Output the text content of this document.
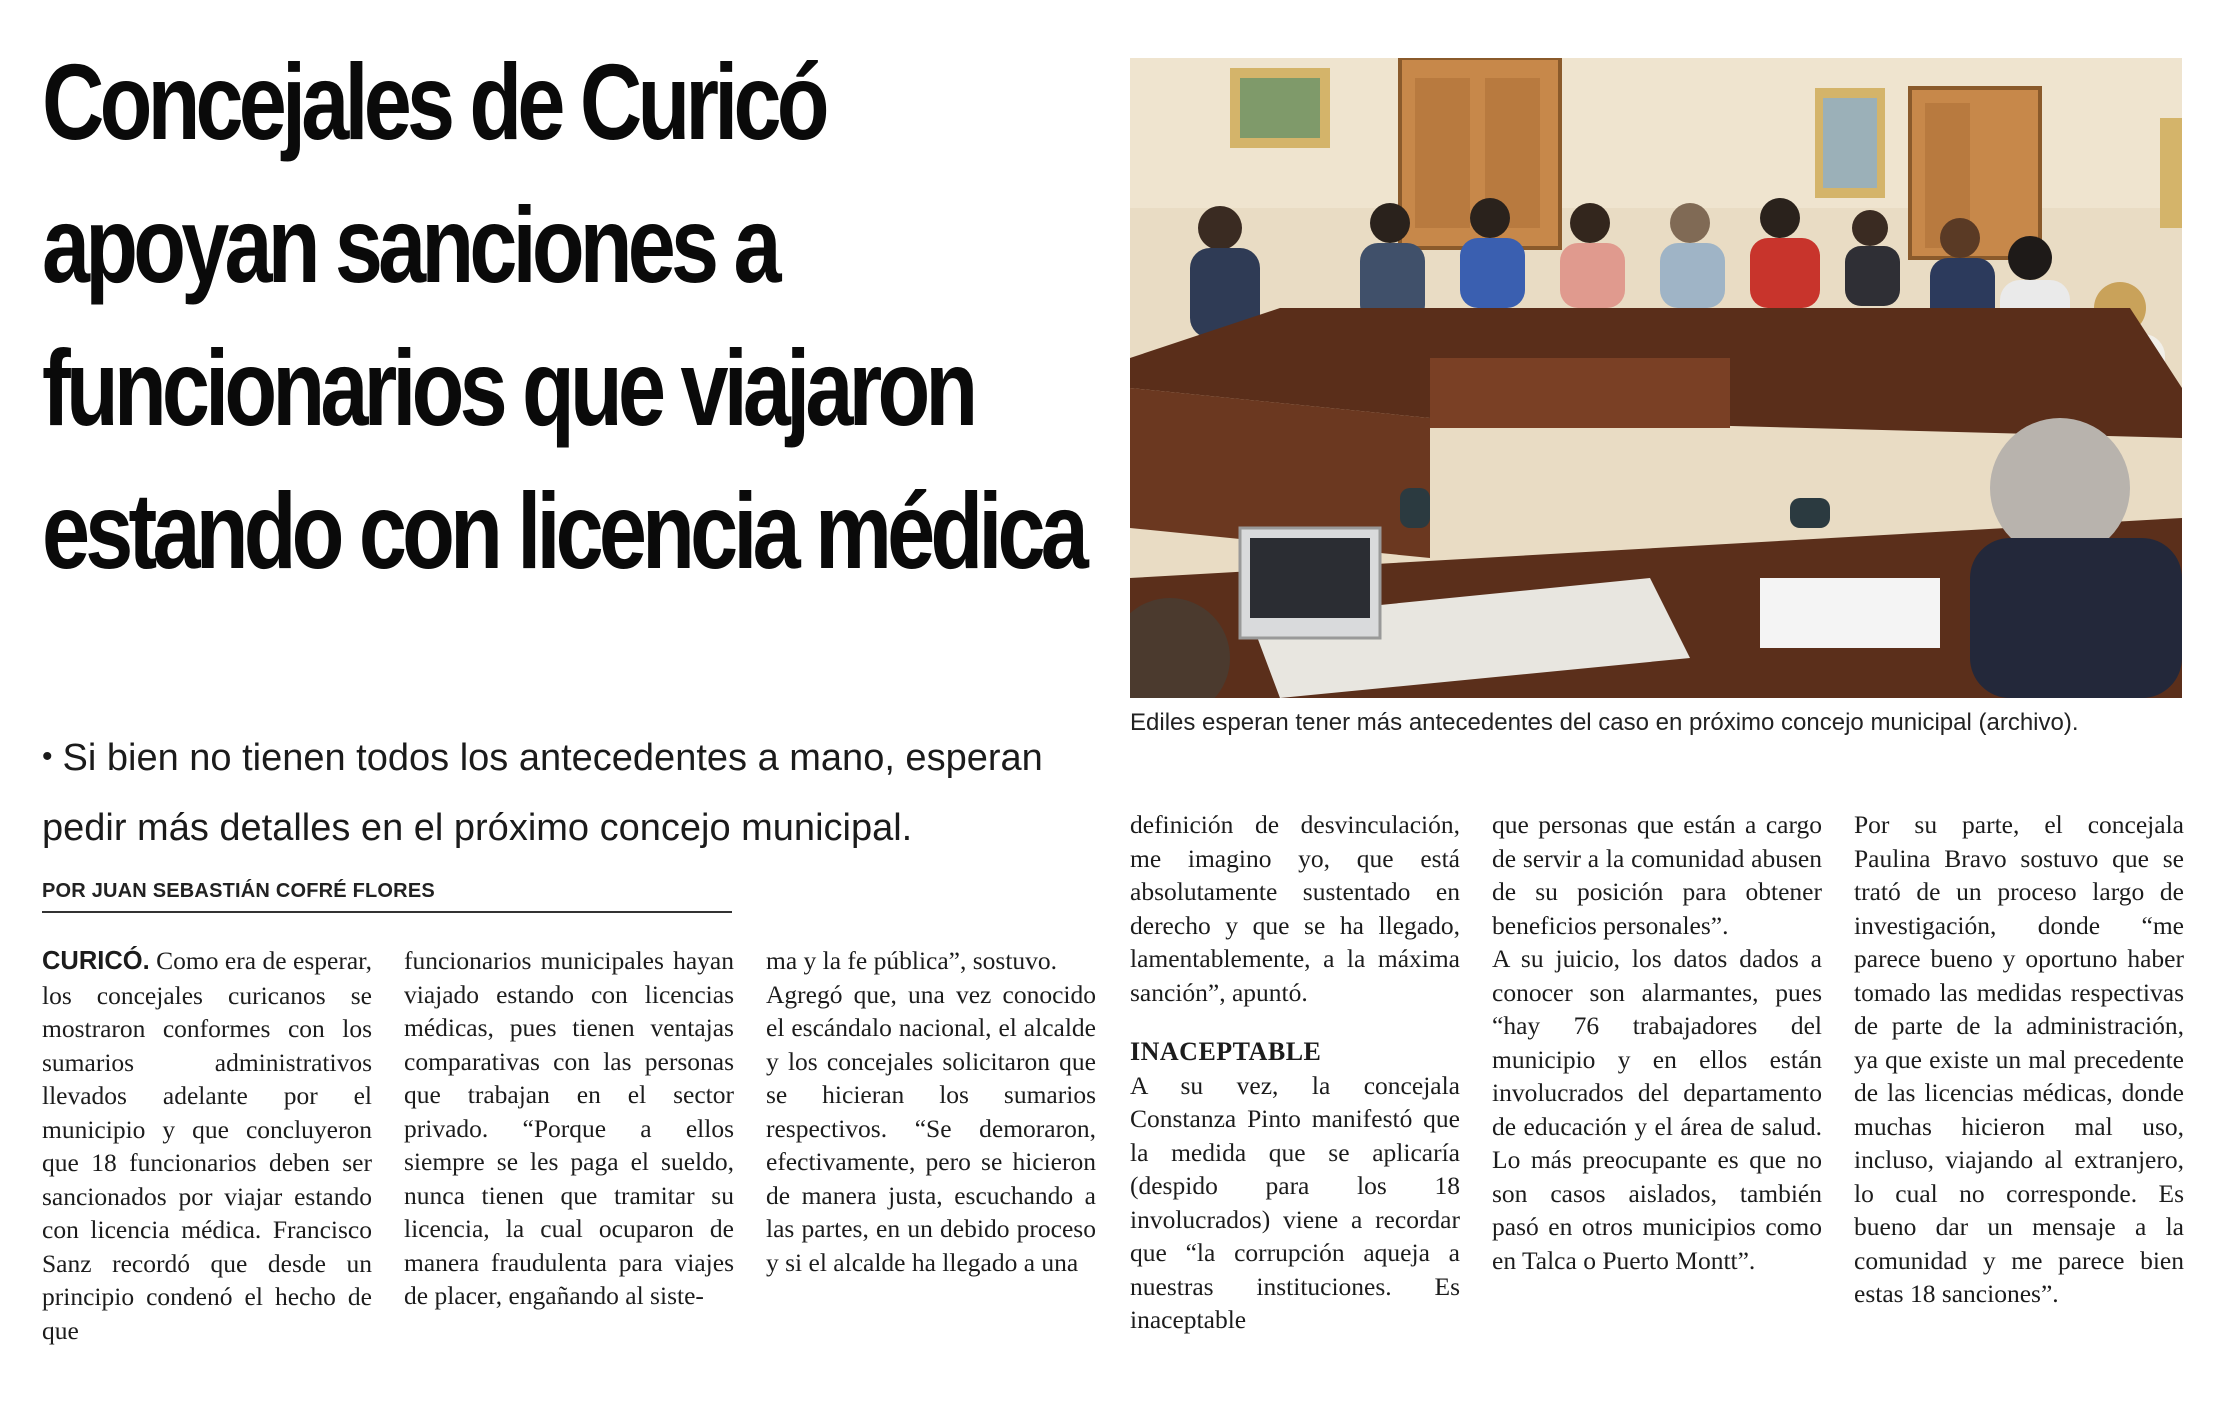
Concejales de Curicó
apoyan sanciones a
funcionarios que viajaron
estando con licencia médica
Ediles esperan tener más antecedentes del caso en próximo concejo municipal (archivo).
• Si bien no tienen todos los antecedentes a mano, esperan pedir más detalles en el próximo concejo municipal.
POR JUAN SEBASTIÁN COFRÉ FLORES

CURICÓ. Como era de esperar, los concejales curicanos se mostraron conformes con los sumarios administrativos llevados adelante por el municipio y que concluyeron que 18 funcionarios deben ser sancionados por viajar estando con licencia médica. Francisco Sanz recordó que desde un principio condenó el hecho de que

funcionarios municipales hayan viajado estando con licencias médicas, pues tienen ventajas comparativas con las personas que trabajan en el sector privado. “Porque a ellos siempre se les paga el sueldo, nunca tienen que tramitar su licencia, la cual ocuparon de manera fraudulenta para viajes de placer, engañando al siste-

ma y la fe pública”, sostuvo.

Agregó que, una vez conocido el escándalo nacional, el alcalde y los concejales solicitaron que se hicieran los sumarios respectivos. “Se demoraron, efectivamente, pero se hicieron de manera justa, escuchando a las partes, en un debido proceso y si el alcalde ha llegado a una

definición de desvinculación, me imagino yo, que está absolutamente sustentado en derecho y que se ha llegado, lamentablemente, a la máxima sanción”, apuntó.

INACEPTABLE

A su vez, la concejala Constanza Pinto manifestó que la medida que se aplicaría (despido para los 18 involucrados) viene a recordar que “la corrupción aqueja a nuestras instituciones. Es inaceptable

que personas que están a cargo de servir a la comunidad abusen de su posición para obtener beneficios personales”.

A su juicio, los datos dados a conocer son alarmantes, pues “hay 76 trabajadores del municipio y en ellos están involucrados del departamento de educación y el área de salud. Lo más preocupante es que no son casos aislados, también pasó en otros municipios como en Talca o Puerto Montt”.

Por su parte, el concejala Paulina Bravo sostuvo que se trató de un proceso largo de investigación, donde “me parece bueno y oportuno haber tomado las medidas respectivas de parte de la administración, ya que existe un mal precedente de las licencias médicas, donde muchas hicieron mal uso, incluso, viajando al extranjero, lo cual no corresponde. Es bueno dar un mensaje a la comunidad y me parece bien estas 18 sanciones”.
